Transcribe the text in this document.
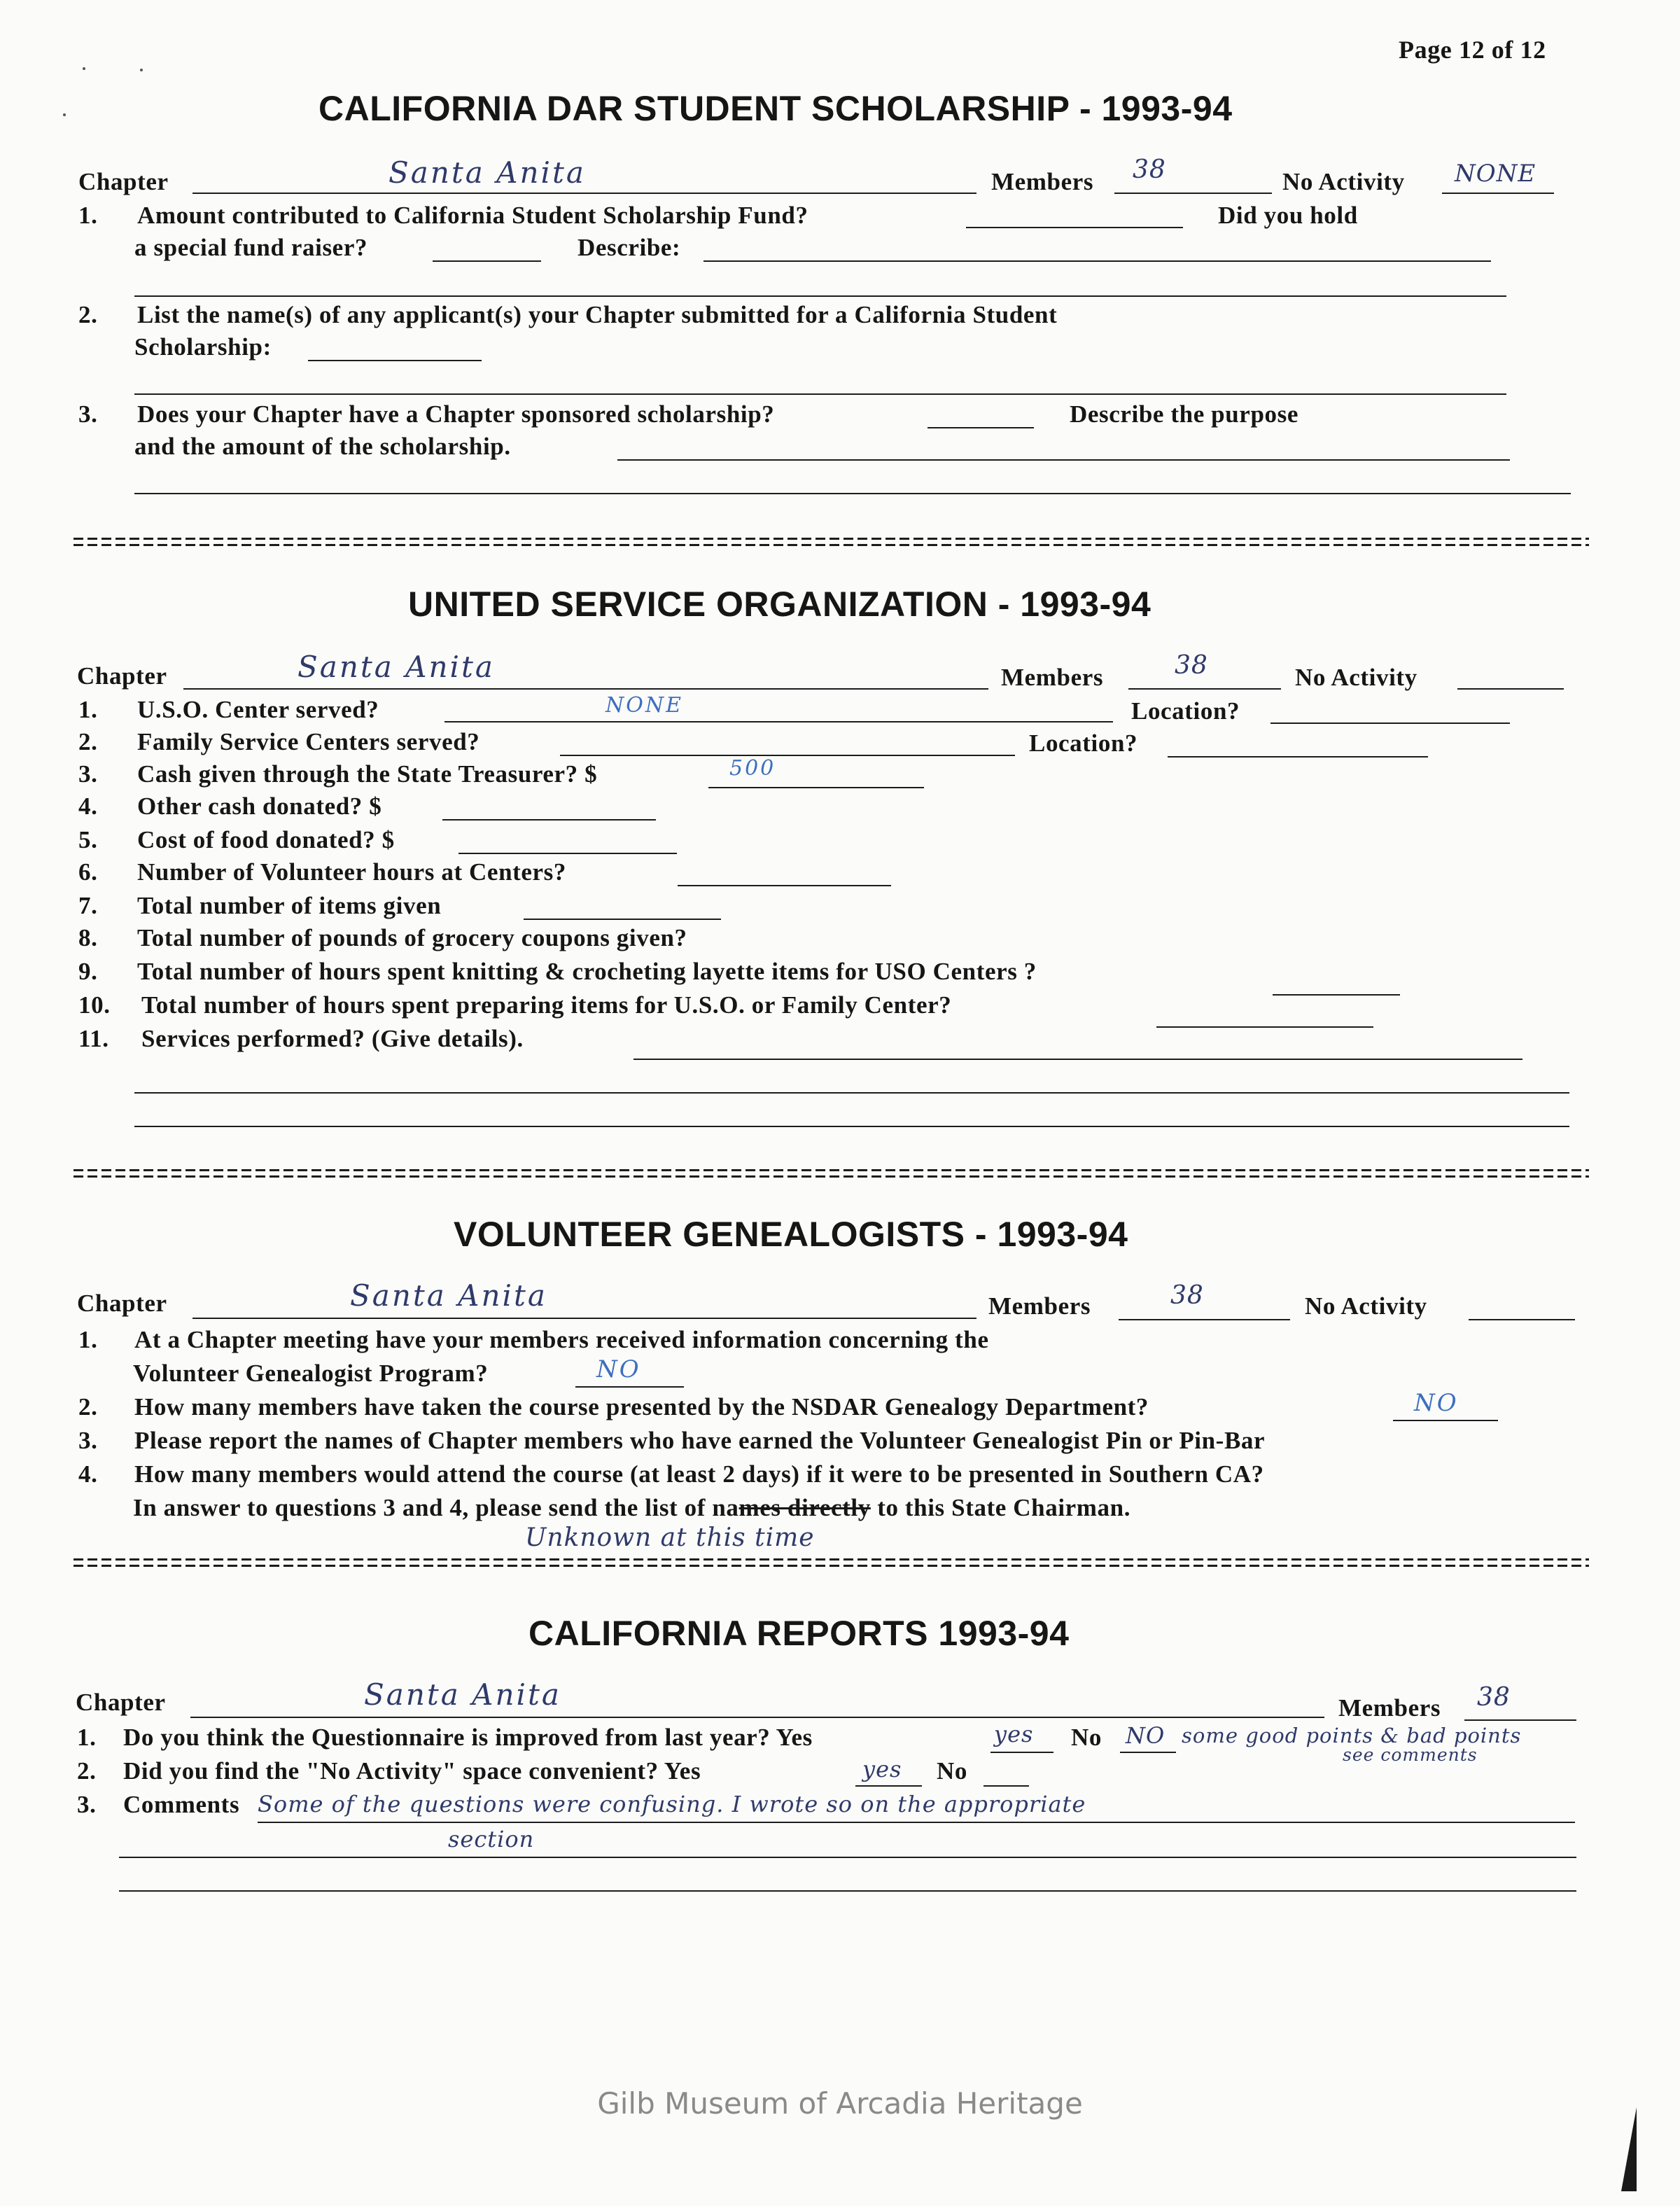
Page 12 of 12
CALIFORNIA DAR STUDENT SCHOLARSHIP - 1993-94
Chapter	Santa Anita	Members 38	No Activity NONE
1. Amount contributed to California Student Scholarship Fund?	Did you hold
a special fund raiser?	Describe:
2. List the name(s) of any applicant(s) your Chapter submitted for a California Student
Scholarship:
3. Does your Chapter have a Chapter sponsored scholarship?	Describe the purpose
and the amount of the scholarship.
UNITED SERVICE ORGANIZATION - 1993-94
Chapter	Santa Anita	Members	38	No Activity
1. U.S.O. Center served?	NONE	Location?
2. Family Service Centers served?	Location?
3. Cash given through the State Treasurer? $	500
4. Other cash donated? $
5. Cost of food donated? $
6. Number of Volunteer hours at Centers?
7. Total number of items given
8. Total number of pounds of grocery coupons given?
9. Total number of hours spent knitting & crocheting layette items for USO Centers ?
10. Total number of hours spent preparing items for U.S.O. or Family Center?
11. Services performed? (Give details).
VOLUNTEER GENEALOGISTS - 1993-94
Chapter	Santa Anita	Members	38	No Activity
1. At a Chapter meeting have your members received information concerning the
Volunteer Genealogist Program?	NO
2. How many members have taken the course presented by the NSDAR Genealogy Department?	NO
3. Please report the names of Chapter members who have earned the Volunteer Genealogist Pin or Pin-Bar
4. How many members would attend the course (at least 2 days) if it were to be presented in Southern CA?
In answer to questions 3 and 4, please send the list of names directly to this State Chairman.
Unknown at this time
CALIFORNIA REPORTS 1993-94
Chapter	Santa Anita	Members 38
1. Do you think the Questionnaire is improved from last year? Yes	yes No NO some good points & bad points
see comments
2. Did you find the "No Activity" space convenient? Yes	yes No
3. Comments Some of the questions were confusing. I wrote so on the appropriate
section
Gilb Museum of Arcadia Heritage
